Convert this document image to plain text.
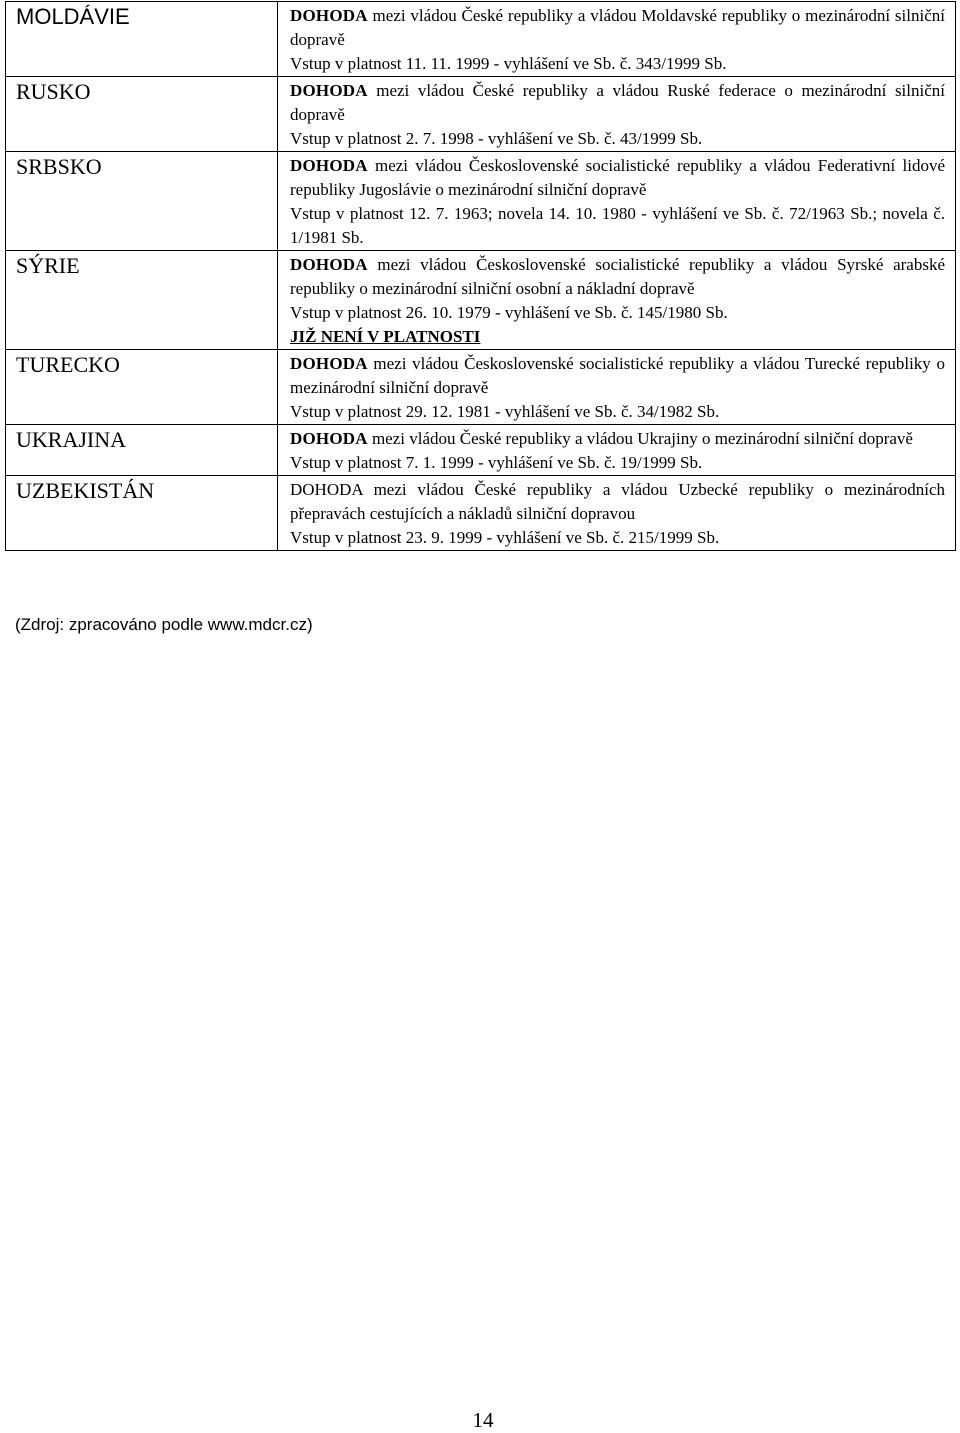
MOLDÁVIE	DOHODA mezi vládou České republiky a vládou Moldavské republiky o mezinárodní silniční dopravě
Vstup v platnost 11. 11. 1999 - vyhlášení ve Sb. č. 343/1999 Sb.

RUSKO	DOHODA mezi vládou České republiky a vládou Ruské federace o mezinárodní silniční dopravě
Vstup v platnost 2. 7. 1998 - vyhlášení ve Sb. č. 43/1999 Sb.

SRBSKO	DOHODA mezi vládou Československé socialistické republiky a vládou Federativní lidové republiky Jugoslávie o mezinárodní silniční dopravě
Vstup v platnost 12. 7. 1963; novela 14. 10. 1980 - vyhlášení ve Sb. č. 72/1963 Sb.; novela č. 1/1981 Sb.

SÝRIE	DOHODA mezi vládou Československé socialistické republiky a vládou Syrské arabské republiky o mezinárodní silniční osobní a nákladní dopravě
Vstup v platnost 26. 10. 1979 - vyhlášení ve Sb. č. 145/1980 Sb.
JIŽ NENÍ V PLATNOSTI

TURECKO	DOHODA mezi vládou Československé socialistické republiky a vládou Turecké republiky o mezinárodní silniční dopravě
Vstup v platnost 29. 12. 1981 - vyhlášení ve Sb. č. 34/1982 Sb.

UKRAJINA	DOHODA mezi vládou České republiky a vládou Ukrajiny o mezinárodní silniční dopravě
Vstup v platnost 7. 1. 1999 - vyhlášení ve Sb. č. 19/1999 Sb.

UZBEKISTÁN	DOHODA mezi vládou České republiky a vládou Uzbecké republiky o mezinárodních přepravách cestujících a nákladů silniční dopravou
Vstup v platnost 23. 9. 1999 - vyhlášení ve Sb. č. 215/1999 Sb.
(Zdroj: zpracováno podle www.mdcr.cz)
14
